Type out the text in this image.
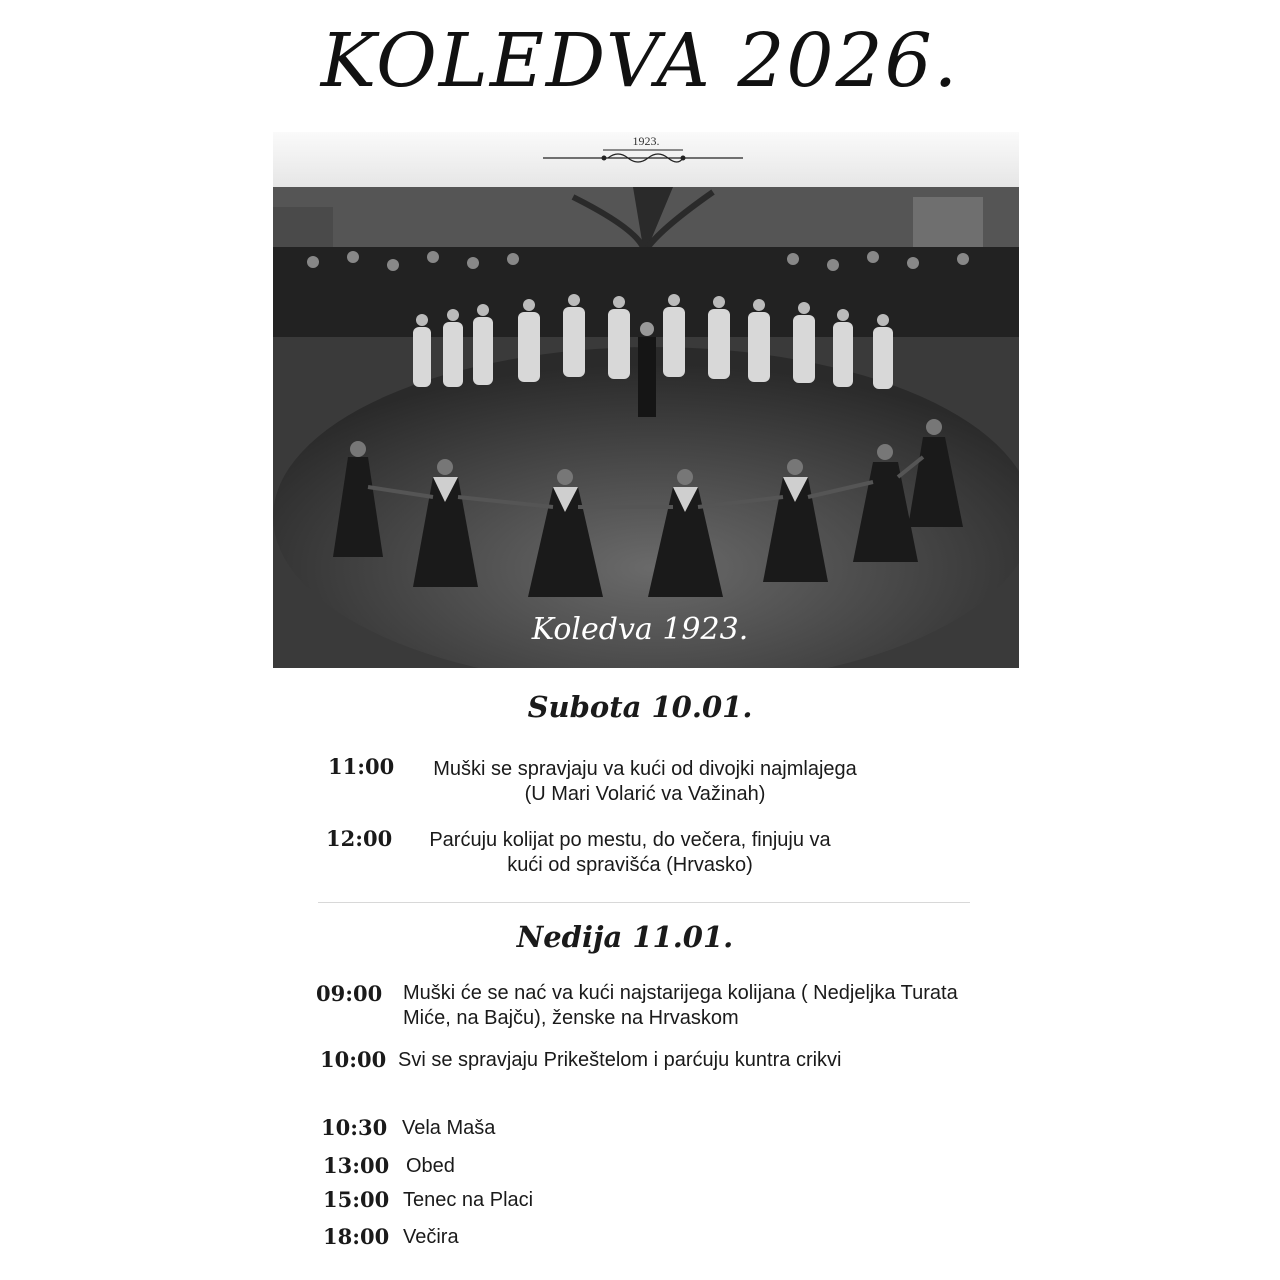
KOLEDVA 2026.
1923.
Koledva 1923.
Subota 10.01.
11:00	Muški se spravjaju va kući od divojki najmlajega
(U Mari Volarić va Važinah)
12:00	Parćuju kolijat po mestu, do večera, finjuju va
kući od spravišća (Hrvasko)
Nedija 11.01.
09:00 Muški će se nać va kući najstarijega kolijana ( Nedjeljka Turata
Miće, na Bajču), ženske na Hrvaskom
10:00 Svi se spravjaju Prikeštelom i parćuju kuntra crikvi
10:30 Vela Maša
13:00 Obed
15:00 Tenec na Placi
18:00 Večira
